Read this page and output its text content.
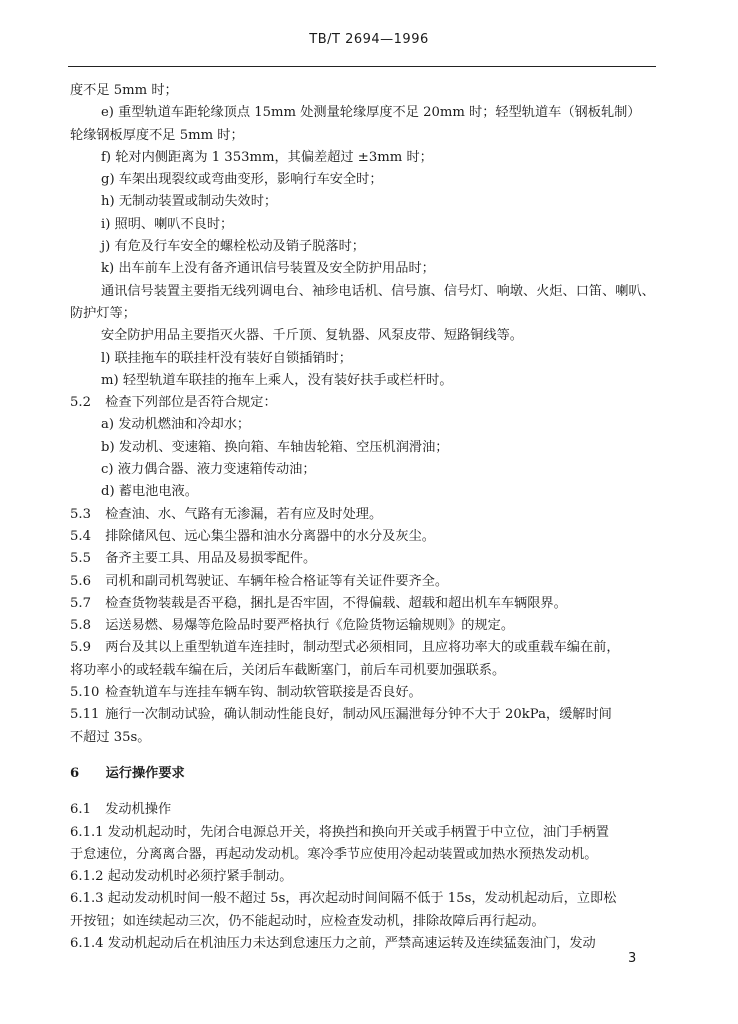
TB/T 2694—1996
度不足 5mm 时；
e) 重型轨道车距轮缘顶点 15mm 处测量轮缘厚度不足 20mm 时；轻型轨道车（钢板轧制）
轮缘钢板厚度不足 5mm 时；
f) 轮对内侧距离为 1 353mm，其偏差超过 ±3mm 时；
g) 车架出现裂纹或弯曲变形，影响行车安全时；
h) 无制动装置或制动失效时；
i) 照明、喇叭不良时；
j) 有危及行车安全的螺栓松动及销子脱落时；
k) 出车前车上没有备齐通讯信号装置及安全防护用品时；
通讯信号装置主要指无线列调电台、袖珍电话机、信号旗、信号灯、响墩、火炬、口笛、喇叭、
防护灯等；
安全防护用品主要指灭火器、千斤顶、复轨器、风泵皮带、短路铜线等。
l) 联挂拖车的联挂杆没有装好自锁插销时；
m) 轻型轨道车联挂的拖车上乘人，没有装好扶手或栏杆时。
5.2 检查下列部位是否符合规定：
a) 发动机燃油和冷却水；
b) 发动机、变速箱、换向箱、车轴齿轮箱、空压机润滑油；
c) 液力偶合器、液力变速箱传动油；
d) 蓄电池电液。
5.3 检查油、水、气路有无渗漏，若有应及时处理。
5.4 排除储风包、远心集尘器和油水分离器中的水分及灰尘。
5.5 备齐主要工具、用品及易损零配件。
5.6 司机和副司机驾驶证、车辆年检合格证等有关证件要齐全。
5.7 检查货物装载是否平稳，捆扎是否牢固，不得偏载、超载和超出机车车辆限界。
5.8 运送易燃、易爆等危险品时要严格执行《危险货物运输规则》的规定。
5.9 两台及其以上重型轨道车连挂时，制动型式必须相同，且应将功率大的或重载车编在前，
将功率小的或轻载车编在后，关闭后车截断塞门，前后车司机要加强联系。
5.10 检查轨道车与连挂车辆车钩、制动软管联接是否良好。
5.11 施行一次制动试验，确认制动性能良好，制动风压漏泄每分钟不大于 20kPa，缓解时间
不超过 35s。
6 运行操作要求
6.1 发动机操作
6.1.1 发动机起动时，先闭合电源总开关，将换挡和换向开关或手柄置于中立位，油门手柄置
于怠速位，分离离合器，再起动发动机。寒冷季节应使用冷起动装置或加热水预热发动机。
6.1.2 起动发动机时必须拧紧手制动。
6.1.3 起动发动机时间一般不超过 5s，再次起动时间间隔不低于 15s，发动机起动后，立即松
开按钮；如连续起动三次，仍不能起动时，应检查发动机，排除故障后再行起动。
6.1.4 发动机起动后在机油压力未达到怠速压力之前，严禁高速运转及连续猛轰油门，发动
3
